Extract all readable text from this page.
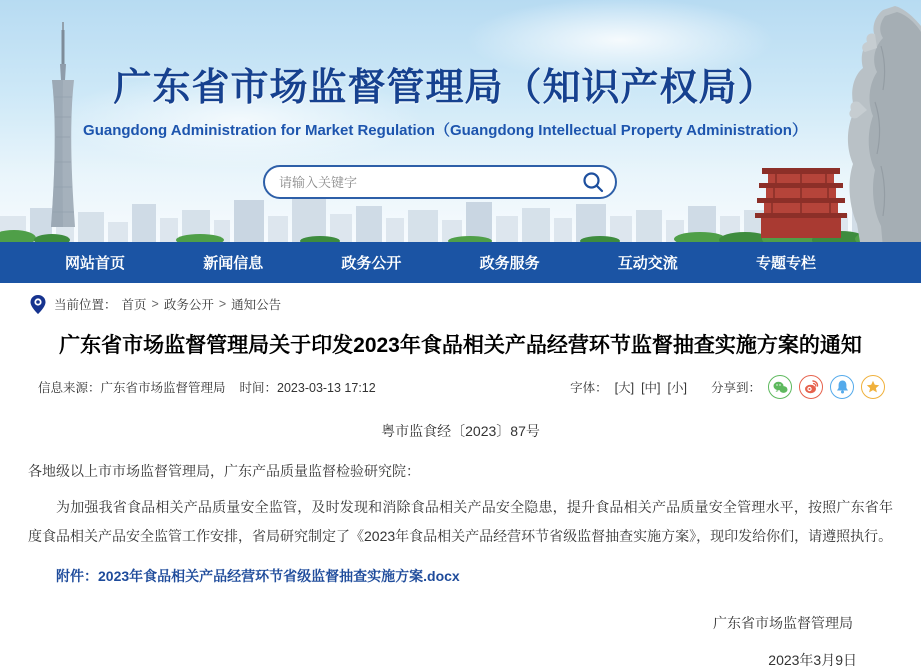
广东省市场监督管理局（知识产权局）
Guangdong Administration for Market Regulation（Guangdong Intellectual Property Administration）
请输入关键字
网站首页	新闻信息	政务公开	政务服务	互动交流	专题专栏
当前位置： 首页 > 政务公开 > 通知公告
广东省市场监督管理局关于印发2023年食品相关产品经营环节监督抽查实施方案的通知
信息来源：广东省市场监督管理局 时间：2023-03-13 17:12	字体： [大] [中] [小] 分享到：
粤市监食经〔2023〕87号

各地级以上市市场监督管理局，广东产品质量监督检验研究院：

为加强我省食品相关产品质量安全监管，及时发现和消除食品相关产品安全隐患，提升食品相关产品质量安全管理水平，按照广东省年度食品相关产品安全监管工作安排，省局研究制定了《2023年食品相关产品经营环节省级监督抽查实施方案》，现印发给你们，请遵照执行。

附件：2023年食品相关产品经营环节省级监督抽查实施方案.docx
广东省市场监督管理局
2023年3月9日
